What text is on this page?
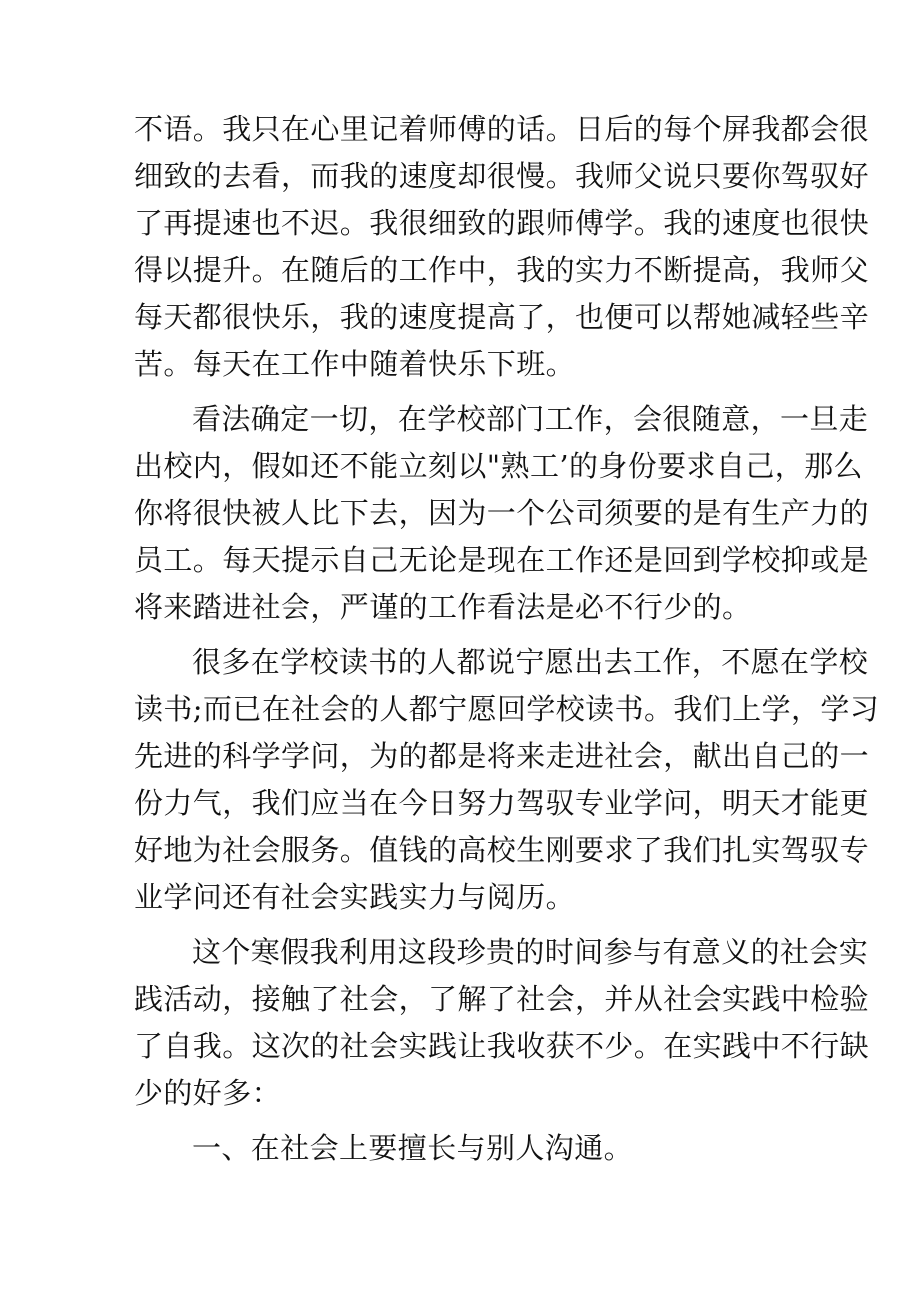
不语。我只在心里记着师傅的话。日后的每个屏我都会很
细致的去看，而我的速度却很慢。我师父说只要你驾驭好
了再提速也不迟。我很细致的跟师傅学。我的速度也很快
得以提升。在随后的工作中，我的实力不断提高，我师父
每天都很快乐，我的速度提高了，也便可以帮她减轻些辛
苦。每天在工作中随着快乐下班。

看法确定一切，在学校部门工作，会很随意，一旦走
出校内，假如还不能立刻以"熟工’的身份要求自己，那么
你将很快被人比下去，因为一个公司须要的是有生产力的
员工。每天提示自己无论是现在工作还是回到学校抑或是
将来踏进社会，严谨的工作看法是必不行少的。

很多在学校读书的人都说宁愿出去工作，不愿在学校
读书;而已在社会的人都宁愿回学校读书。我们上学，学习
先进的科学学问，为的都是将来走进社会，献出自己的一
份力气，我们应当在今日努力驾驭专业学问，明天才能更
好地为社会服务。值钱的高校生刚要求了我们扎实驾驭专
业学问还有社会实践实力与阅历。

这个寒假我利用这段珍贵的时间参与有意义的社会实
践活动，接触了社会，了解了社会，并从社会实践中检验
了自我。这次的社会实践让我收获不少。在实践中不行缺
少的好多：

一、在社会上要擅长与别人沟通。
